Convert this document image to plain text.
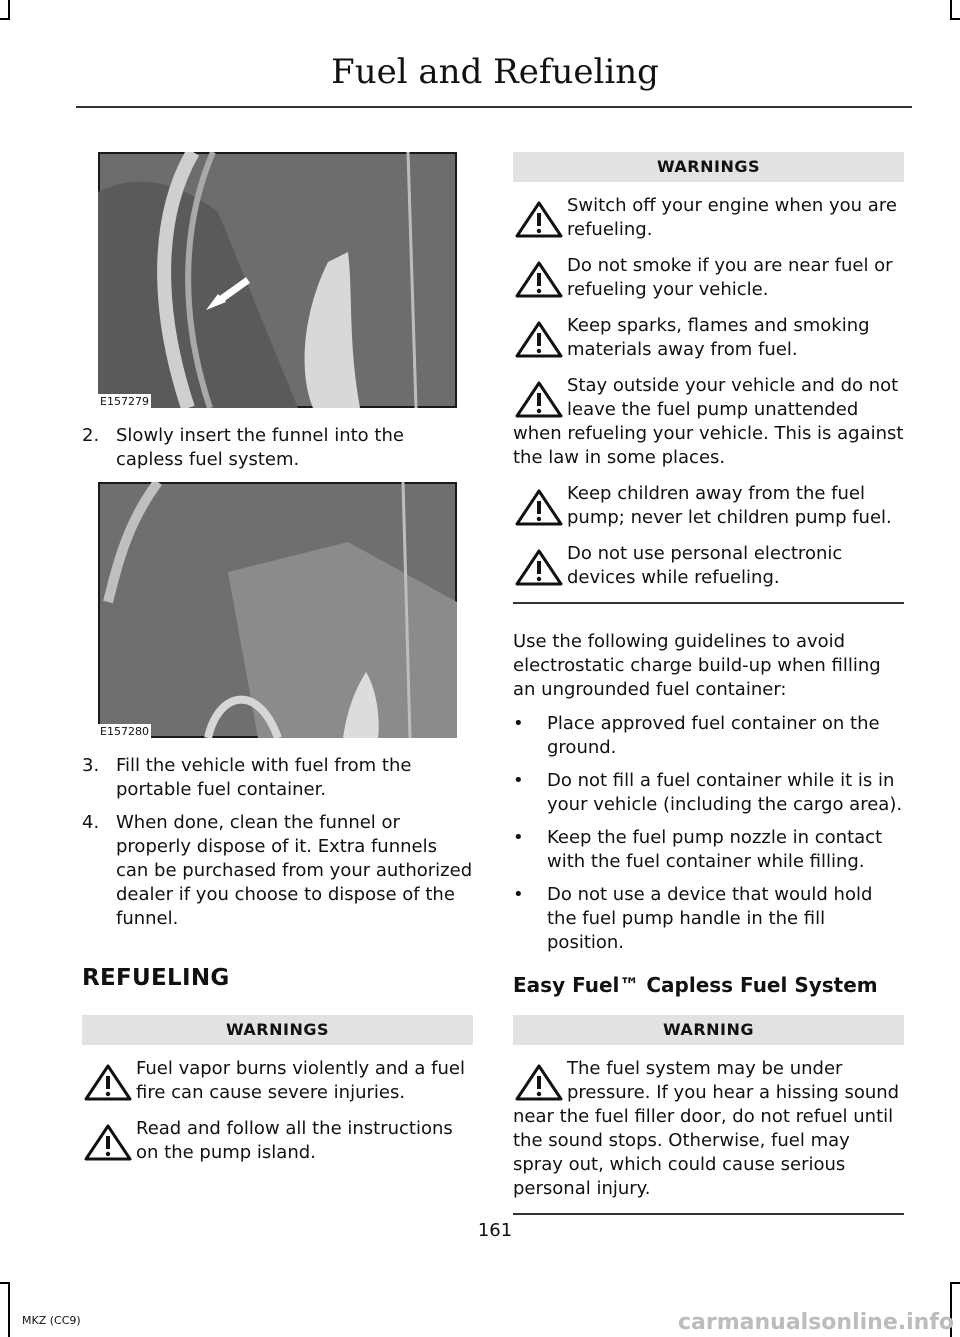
Fuel and Refueling
E157279
2. Slowly insert the funnel into the capless fuel system.
E157280
3. Fill the vehicle with fuel from the portable fuel container.
4. When done, clean the funnel or properly dispose of it. Extra funnels can be purchased from your authorized dealer if you choose to dispose of the funnel.
REFUELING
WARNINGS
Fuel vapor burns violently and a fuel fire can cause severe injuries.
Read and follow all the instructions on the pump island.
WARNINGS
Switch off your engine when you are refueling.
Do not smoke if you are near fuel or refueling your vehicle.
Keep sparks, flames and smoking materials away from fuel.
Stay outside your vehicle and do not leave the fuel pump unattended when refueling your vehicle. This is against the law in some places.
Keep children away from the fuel pump; never let children pump fuel.
Do not use personal electronic devices while refueling.
Use the following guidelines to avoid electrostatic charge build-up when filling an ungrounded fuel container:
• Place approved fuel container on the ground.
• Do not fill a fuel container while it is in your vehicle (including the cargo area).
• Keep the fuel pump nozzle in contact with the fuel container while filling.
• Do not use a device that would hold the fuel pump handle in the fill position.
Easy Fuel™ Capless Fuel System
WARNING
The fuel system may be under pressure. If you hear a hissing sound near the fuel filler door, do not refuel until the sound stops. Otherwise, fuel may spray out, which could cause serious personal injury.
161
MKZ (CC9)	carmanualsonline.info
